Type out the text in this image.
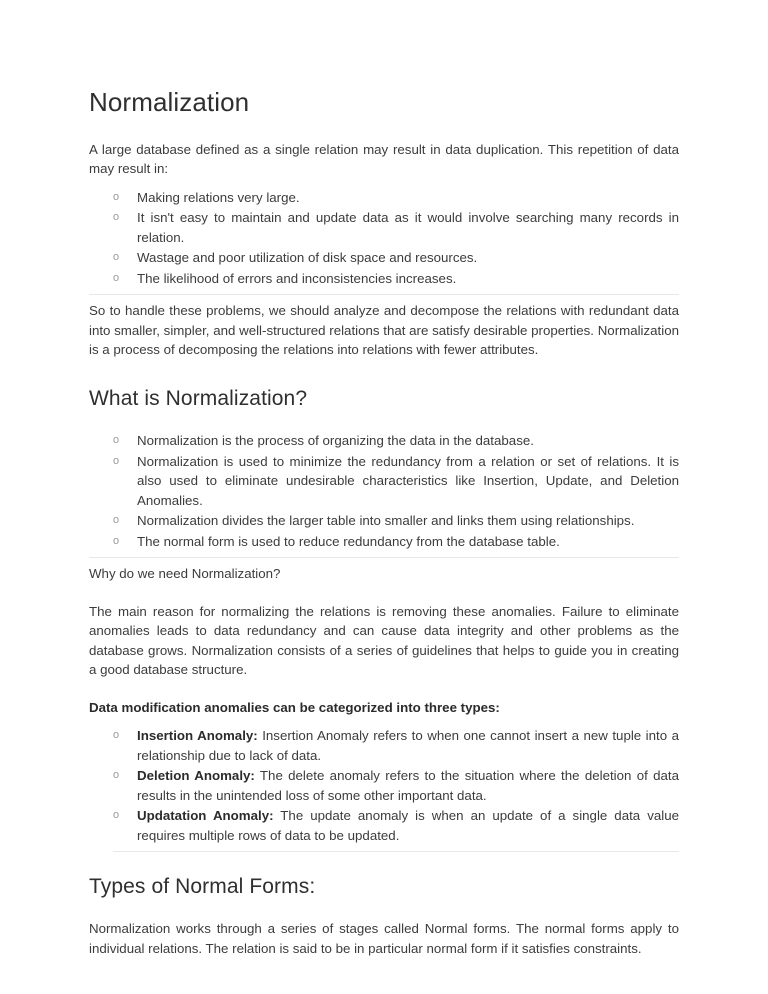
Normalization

A large database defined as a single relation may result in data duplication. This repetition of data may result in:

o Making relations very large.
o It isn't easy to maintain and update data as it would involve searching many records in relation.
o Wastage and poor utilization of disk space and resources.
o The likelihood of errors and inconsistencies increases.

So to handle these problems, we should analyze and decompose the relations with redundant data into smaller, simpler, and well-structured relations that are satisfy desirable properties. Normalization is a process of decomposing the relations into relations with fewer attributes.

What is Normalization?
o Normalization is the process of organizing the data in the database.
o Normalization is used to minimize the redundancy from a relation or set of relations. It is also used to eliminate undesirable characteristics like Insertion, Update, and Deletion Anomalies.
o Normalization divides the larger table into smaller and links them using relationships.
o The normal form is used to reduce redundancy from the database table.

Why do we need Normalization?

The main reason for normalizing the relations is removing these anomalies. Failure to eliminate anomalies leads to data redundancy and can cause data integrity and other problems as the database grows. Normalization consists of a series of guidelines that helps to guide you in creating a good database structure.

Data modification anomalies can be categorized into three types:

o Insertion Anomaly: Insertion Anomaly refers to when one cannot insert a new tuple into a relationship due to lack of data.
o Deletion Anomaly: The delete anomaly refers to the situation where the deletion of data results in the unintended loss of some other important data.
o Updatation Anomaly: The update anomaly is when an update of a single data value requires multiple rows of data to be updated.
Types of Normal Forms:

Normalization works through a series of stages called Normal forms. The normal forms apply to individual relations. The relation is said to be in particular normal form if it satisfies constraints.
